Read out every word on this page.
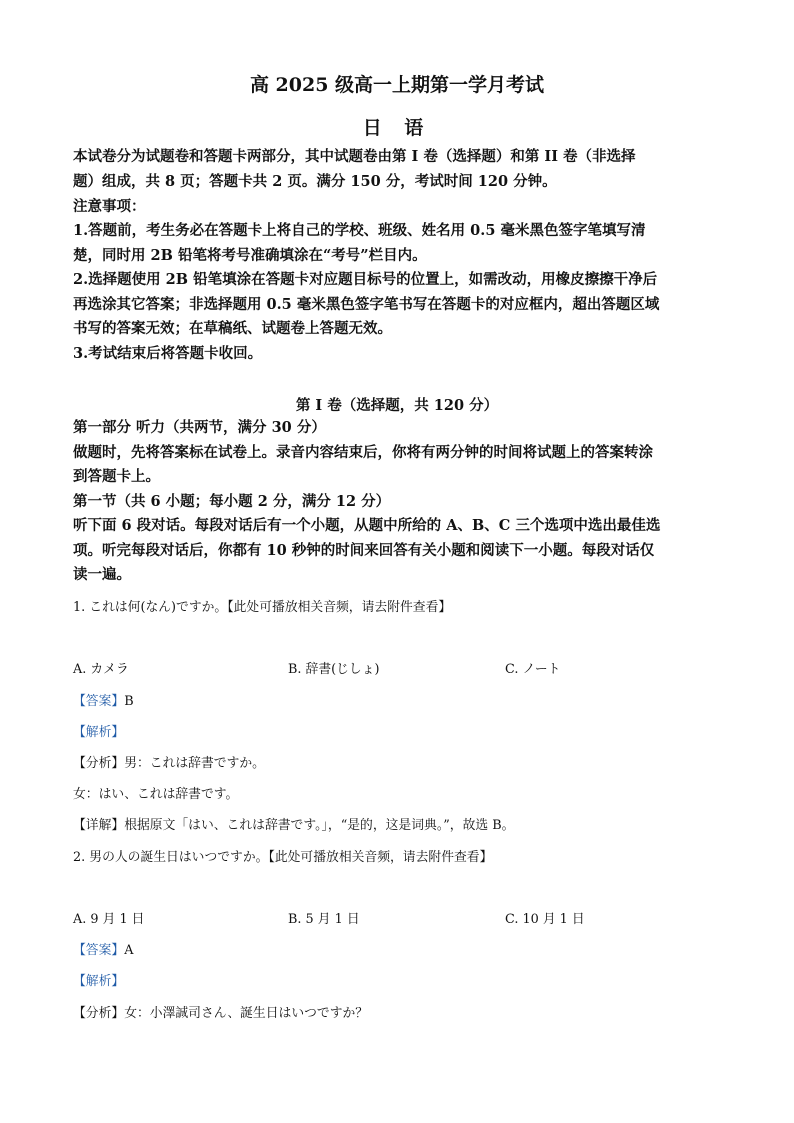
高 2025 级高一上期第一学月考试
日 语
本试卷分为试题卷和答题卡两部分，其中试题卷由第 I 卷（选择题）和第 II 卷（非选择
题）组成，共 8 页；答题卡共 2 页。满分 150 分，考试时间 120 分钟。
注意事项：
1.答题前，考生务必在答题卡上将自己的学校、班级、姓名用 0.5 毫米黑色签字笔填写清
楚，同时用 2B 铅笔将考号准确填涂在“考号”栏目内。
2.选择题使用 2B 铅笔填涂在答题卡对应题目标号的位置上，如需改动，用橡皮擦擦干净后
再选涂其它答案；非选择题用 0.5 毫米黑色签字笔书写在答题卡的对应框内，超出答题区域
书写的答案无效；在草稿纸、试题卷上答题无效。
3.考试结束后将答题卡收回。
第 I 卷（选择题，共 120 分）
第一部分 听力（共两节，满分 30 分）
做题时，先将答案标在试卷上。录音内容结束后，你将有两分钟的时间将试题上的答案转涂
到答题卡上。
第一节（共 6 小题；每小题 2 分，满分 12 分）
听下面 6 段对话。每段对话后有一个小题，从题中所给的 A、B、C 三个选项中选出最佳选
项。听完每段对话后，你都有 10 秒钟的时间来回答有关小题和阅读下一小题。每段对话仅
读一遍。
1. これは何(なん)ですか。【此处可播放相关音频，请去附件查看】
A. カメラ	B. 辞書(じしょ)	C. ノート
【答案】B
【解析】
【分析】男：これは辞書ですか。
女：はい、これは辞書です。
【详解】根据原文「はい、これは辞書です。」，“是的，这是词典。”，故选 B。
2. 男の人の誕生日はいつですか。【此处可播放相关音频，请去附件查看】
A. 9 月 1 日	B. 5 月 1 日	C. 10 月 1 日
【答案】A
【解析】
【分析】女：小澤誠司さん、誕生日はいつですか？
